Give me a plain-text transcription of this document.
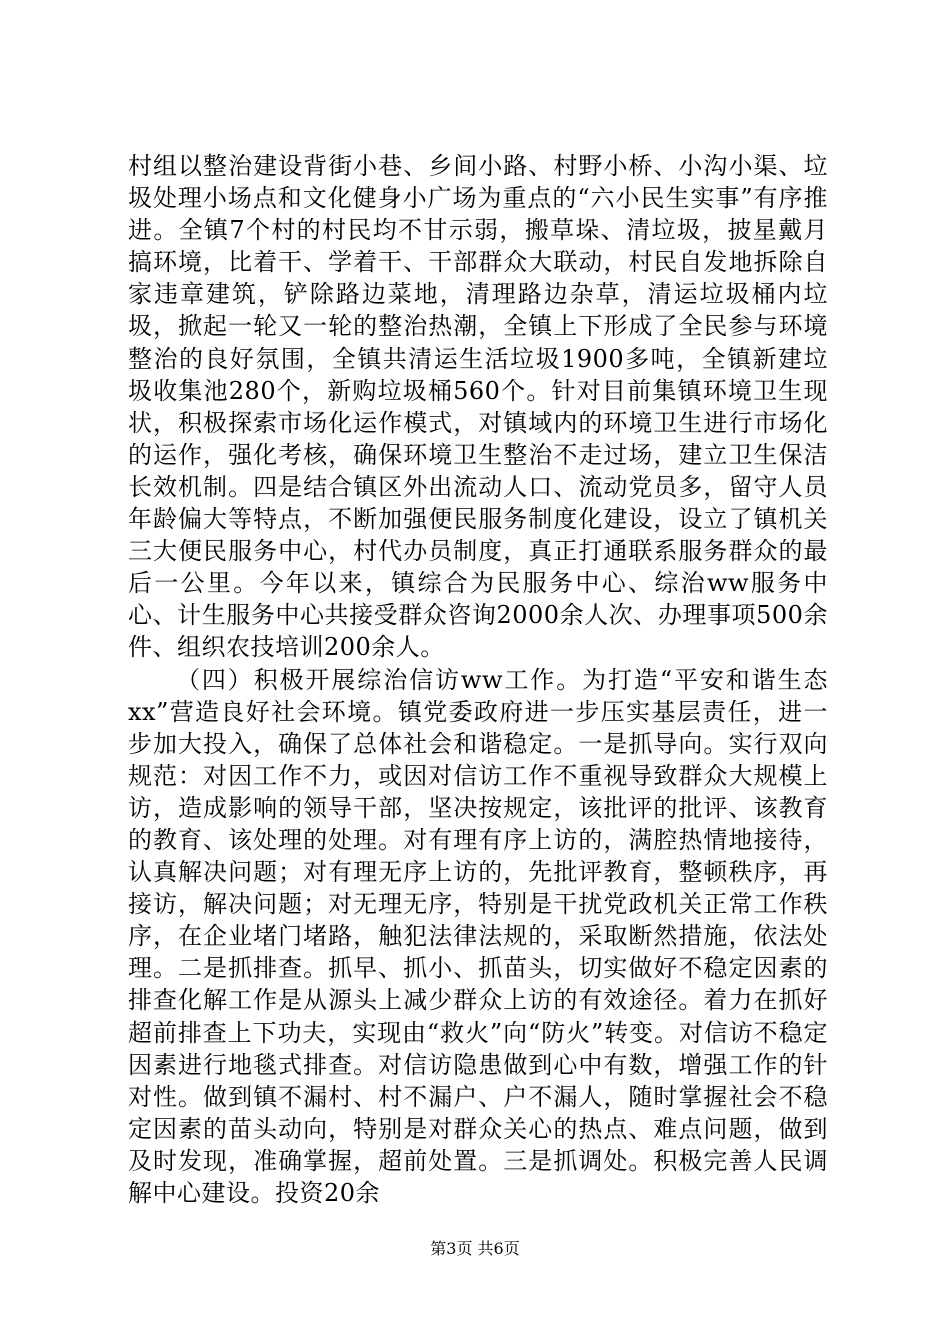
村组以整治建设背街小巷、乡间小路、村野小桥、小沟小渠、垃圾处理小场点和文化健身小广场为重点的“六小民生实事”有序推进。全镇7个村的村民均不甘示弱，搬草垛、清垃圾，披星戴月搞环境，比着干、学着干、干部群众大联动，村民自发地拆除自家违章建筑，铲除路边菜地，清理路边杂草，清运垃圾桶内垃圾，掀起一轮又一轮的整治热潮，全镇上下形成了全民参与环境整治的良好氛围，全镇共清运生活垃圾1900多吨，全镇新建垃圾收集池280个，新购垃圾桶560个。针对目前集镇环境卫生现状，积极探索市场化运作模式，对镇域内的环境卫生进行市场化的运作，强化考核，确保环境卫生整治不走过场，建立卫生保洁长效机制。四是结合镇区外出流动人口、流动党员多，留守人员年龄偏大等特点，不断加强便民服务制度化建设，设立了镇机关三大便民服务中心，村代办员制度，真正打通联系服务群众的最后一公里。今年以来，镇综合为民服务中心、综治ww服务中心、计生服务中心共接受群众咨询2000余人次、办理事项500余件、组织农技培训200余人。

（四）积极开展综治信访ww工作。为打造“平安和谐生态xx”营造良好社会环境。镇党委政府进一步压实基层责任，进一步加大投入，确保了总体社会和谐稳定。一是抓导向。实行双向规范：对因工作不力，或因对信访工作不重视导致群众大规模上访，造成影响的领导干部，坚决按规定，该批评的批评、该教育的教育、该处理的处理。对有理有序上访的，满腔热情地接待，认真解决问题；对有理无序上访的，先批评教育，整顿秩序，再接访，解决问题；对无理无序，特别是干扰党政机关正常工作秩序，在企业堵门堵路，触犯法律法规的，采取断然措施，依法处理。二是抓排查。抓早、抓小、抓苗头，切实做好不稳定因素的排查化解工作是从源头上减少群众上访的有效途径。着力在抓好超前排查上下功夫，实现由“救火”向“防火”转变。对信访不稳定因素进行地毯式排查。对信访隐患做到心中有数，增强工作的针对性。做到镇不漏村、村不漏户、户不漏人，随时掌握社会不稳定因素的苗头动向，特别是对群众关心的热点、难点问题，做到及时发现，准确掌握，超前处置。三是抓调处。积极完善人民调解中心建设。投资20余

第3页 共6页
